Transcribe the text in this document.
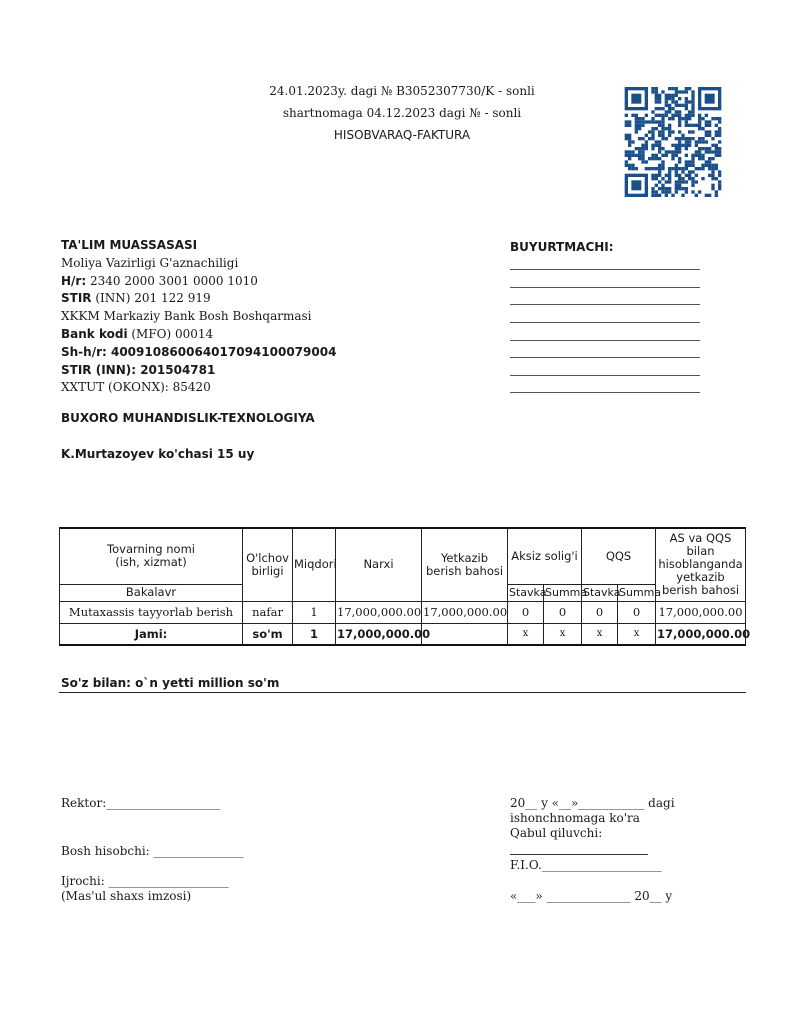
24.01.2023y. dagi № B3052307730/K - sonli
shartnomaga 04.12.2023 dagi № - sonli
HISOBVARAQ-FAKTURA
TA'LIM MUASSASASI
Moliya Vazirligi G'aznachiligi
H/r: 2340 2000 3001 0000 1010
STIR (INN) 201 122 919
XKKM Markaziy Bank Bosh Boshqarmasi
Bank kodi (MFO) 00014
Sh-h/r: 400910860064017094100079004
STIR (INN): 201504781
XXTUT (OKONX): 85420
BUXORO MUHANDISLIK-TEXNOLOGIYA
K.Murtazoyev ko'chasi 15 uy
BUYURTMACHI:
Tovarning nomi
(ish, xizmat)	O'lchov birligi	Miqdori	Narxi	Yetkazib berish bahosi	Aksiz solig'i		QQS		AS va QQS bilan hisoblanganda yetkazib berish bahosi
Bakalavr					Stavka	Summa	Stavka	Summa	
Mutaxassis tayyorlab berish	nafar	1	17,000,000.00	17,000,000.00	0	0	0	0	17,000,000.00
Jami:	so'm	1	17,000,000.00		x	x	x	x	17,000,000.00
So'z bilan: o`n yetti million so'm
Rektor:___________________
Bosh hisobchi: _______________
Ijrochi: ____________________
(Mas'ul shaxs imzosi)
20__ y «__»___________ dagi
ishonchnomaga ko'ra
Qabul qiluvchi:
F.I.O.____________________
«___» ______________ 20__ y
